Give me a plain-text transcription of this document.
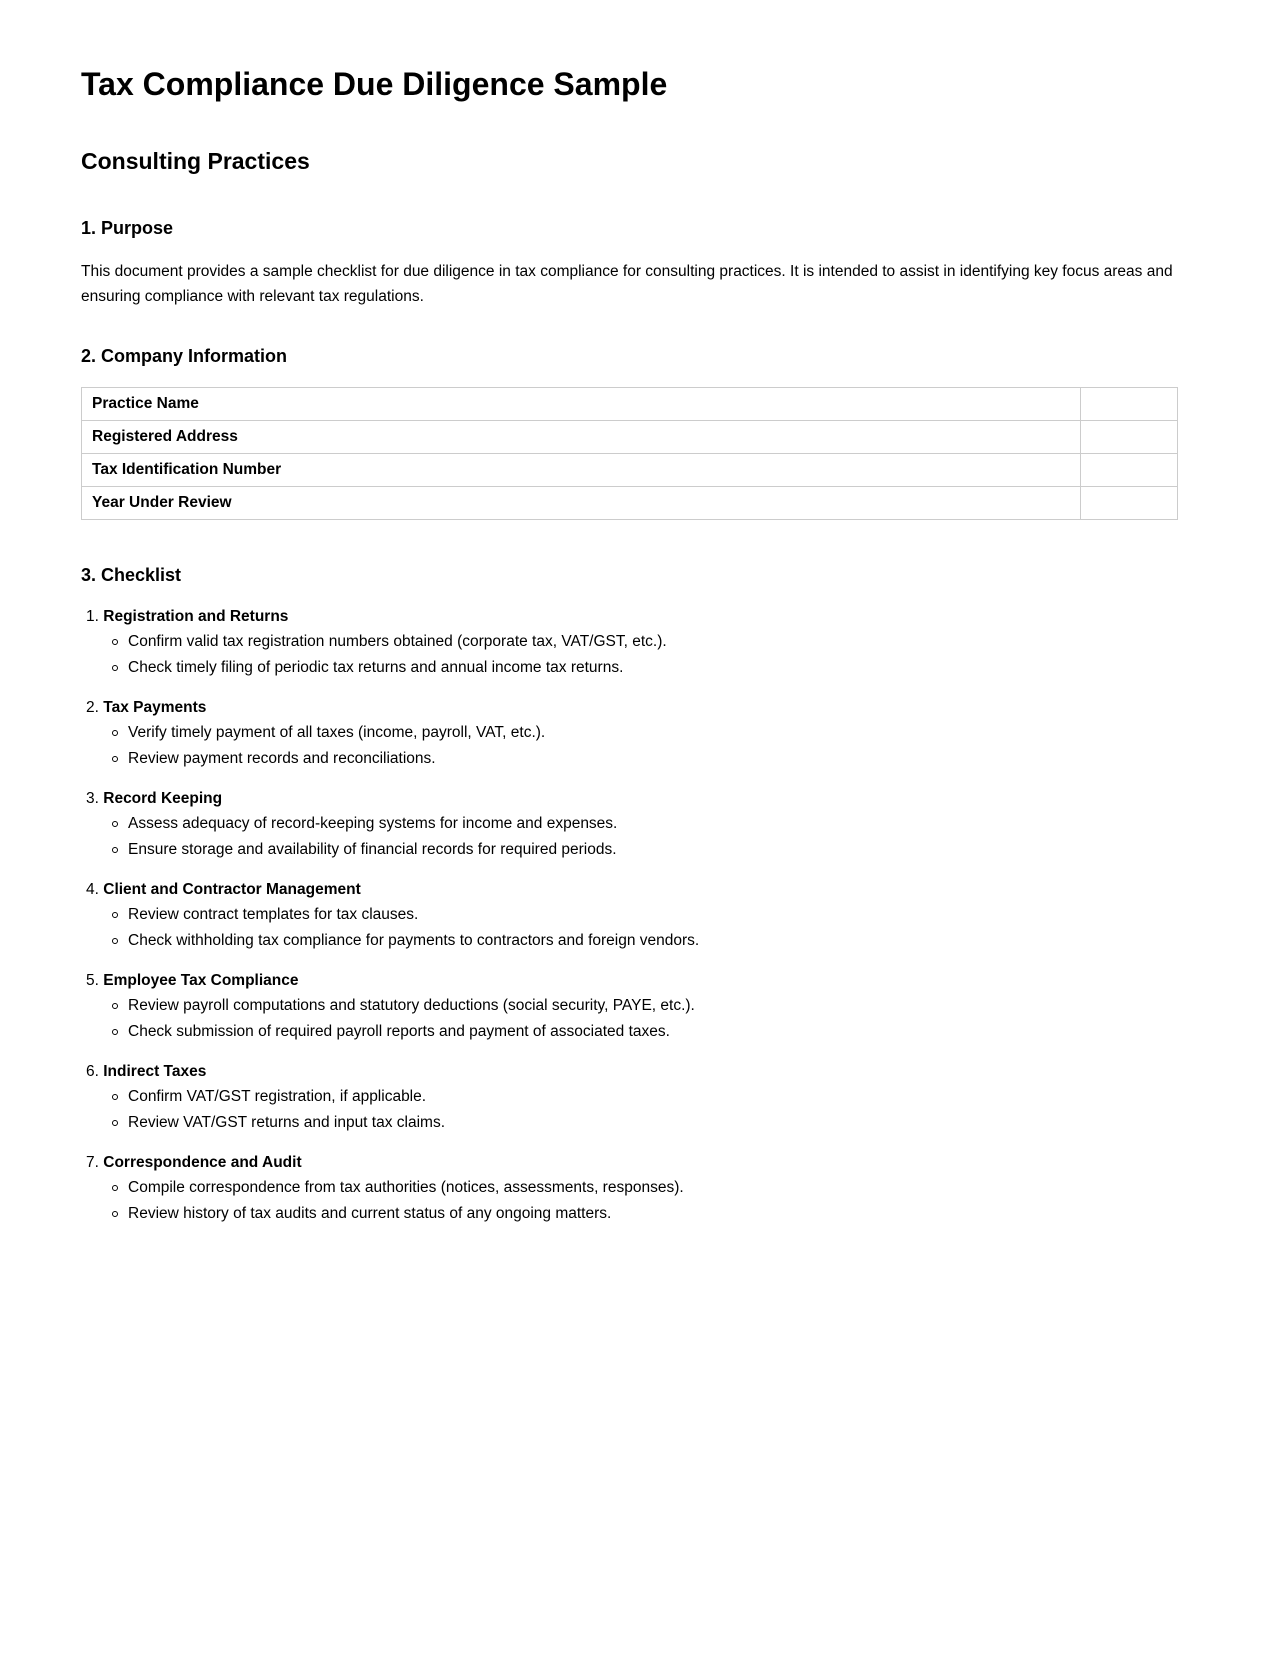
Tax Compliance Due Diligence Sample
Consulting Practices
1. Purpose

This document provides a sample checklist for due diligence in tax compliance for consulting practices. It is intended to assist in identifying key focus areas and ensuring compliance with relevant tax regulations.

2. Company Information
Practice Name	
Registered Address	
Tax Identification Number	
Year Under Review	
3. Checklist
1. Registration and Returns
Confirm valid tax registration numbers obtained (corporate tax, VAT/GST, etc.).
Check timely filing of periodic tax returns and annual income tax returns.
2. Tax Payments
Verify timely payment of all taxes (income, payroll, VAT, etc.).
Review payment records and reconciliations.
3. Record Keeping
Assess adequacy of record-keeping systems for income and expenses.
Ensure storage and availability of financial records for required periods.
4. Client and Contractor Management
Review contract templates for tax clauses.
Check withholding tax compliance for payments to contractors and foreign vendors.
5. Employee Tax Compliance
Review payroll computations and statutory deductions (social security, PAYE, etc.).
Check submission of required payroll reports and payment of associated taxes.
6. Indirect Taxes
Confirm VAT/GST registration, if applicable.
Review VAT/GST returns and input tax claims.
7. Correspondence and Audit
Compile correspondence from tax authorities (notices, assessments, responses).
Review history of tax audits and current status of any ongoing matters.
